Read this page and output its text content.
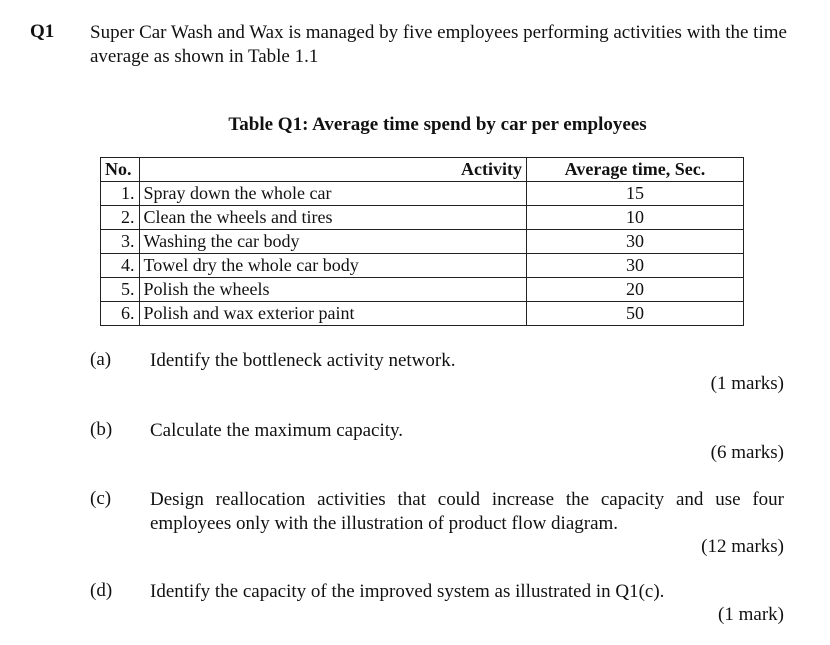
Q1 Super Car Wash and Wax is managed by five employees performing activities with the time average as shown in Table 1.1
Table Q1: Average time spend by car per employees
No.	Activity	Average time, Sec.
1.	Spray down the whole car	15
2.	Clean the wheels and tires	10
3.	Washing the car body	30
4.	Towel dry the whole car body	30
5.	Polish the wheels	20
6.	Polish and wax exterior paint	50
(a) Identify the bottleneck activity network.
(1 marks)
(b) Calculate the maximum capacity.
(6 marks)
(c) Design reallocation activities that could increase the capacity and use four employees only with the illustration of product flow diagram.
(12 marks)
(d) Identify the capacity of the improved system as illustrated in Q1(c).
(1 mark)
